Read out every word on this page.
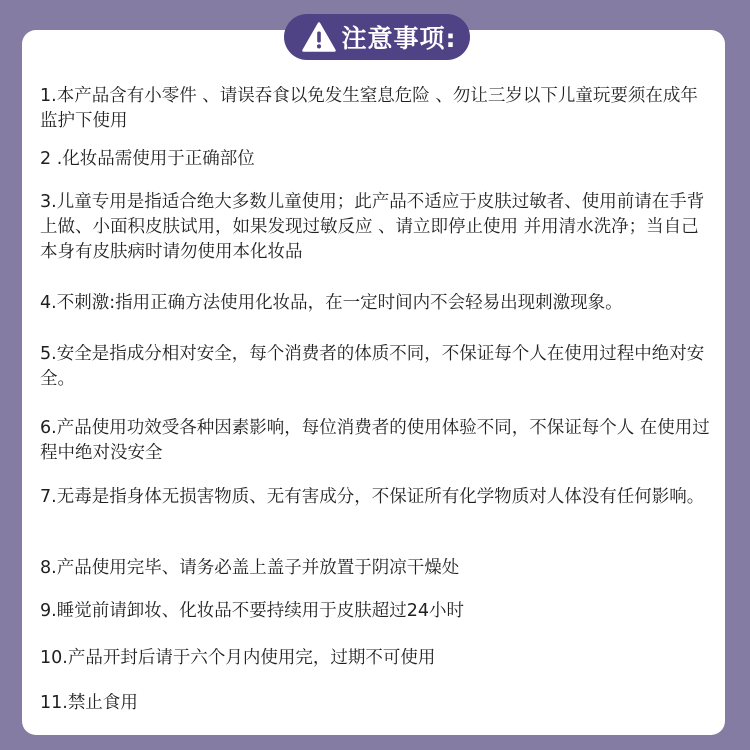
注意事项:
1.本产品含有小零件 、请误吞食以免发生窒息危险 、勿让三岁以下儿童玩要须在成年监护下使用
2 .化妆品需使用于正确部位
3.儿童专用是指适合绝大多数儿童使用；此产品不适应于皮肤过敏者、使用前请在手背上做、小面积皮肤试用，如果发现过敏反应 、请立即停止使用 并用清水洗净；当自己本身有皮肤病时请勿使用本化妆品
4.不刺激:指用正确方法使用化妆品，在一定时间内不会轻易出现刺激现象。
5.安全是指成分相对安全，每个消费者的体质不同，不保证每个人在使用过程中绝对安全。
6.产品使用功效受各种因素影响，每位消费者的使用体验不同，不保证每个人 在使用过程中绝对没安全
7.无毒是指身体无损害物质、无有害成分，不保证所有化学物质对人体没有任何影响。
8.产品使用完毕、请务必盖上盖子并放置于阴凉干燥处
9.睡觉前请卸妆、化妆品不要持续用于皮肤超过24小时
10.产品开封后请于六个月内使用完，过期不可使用
11.禁止食用
